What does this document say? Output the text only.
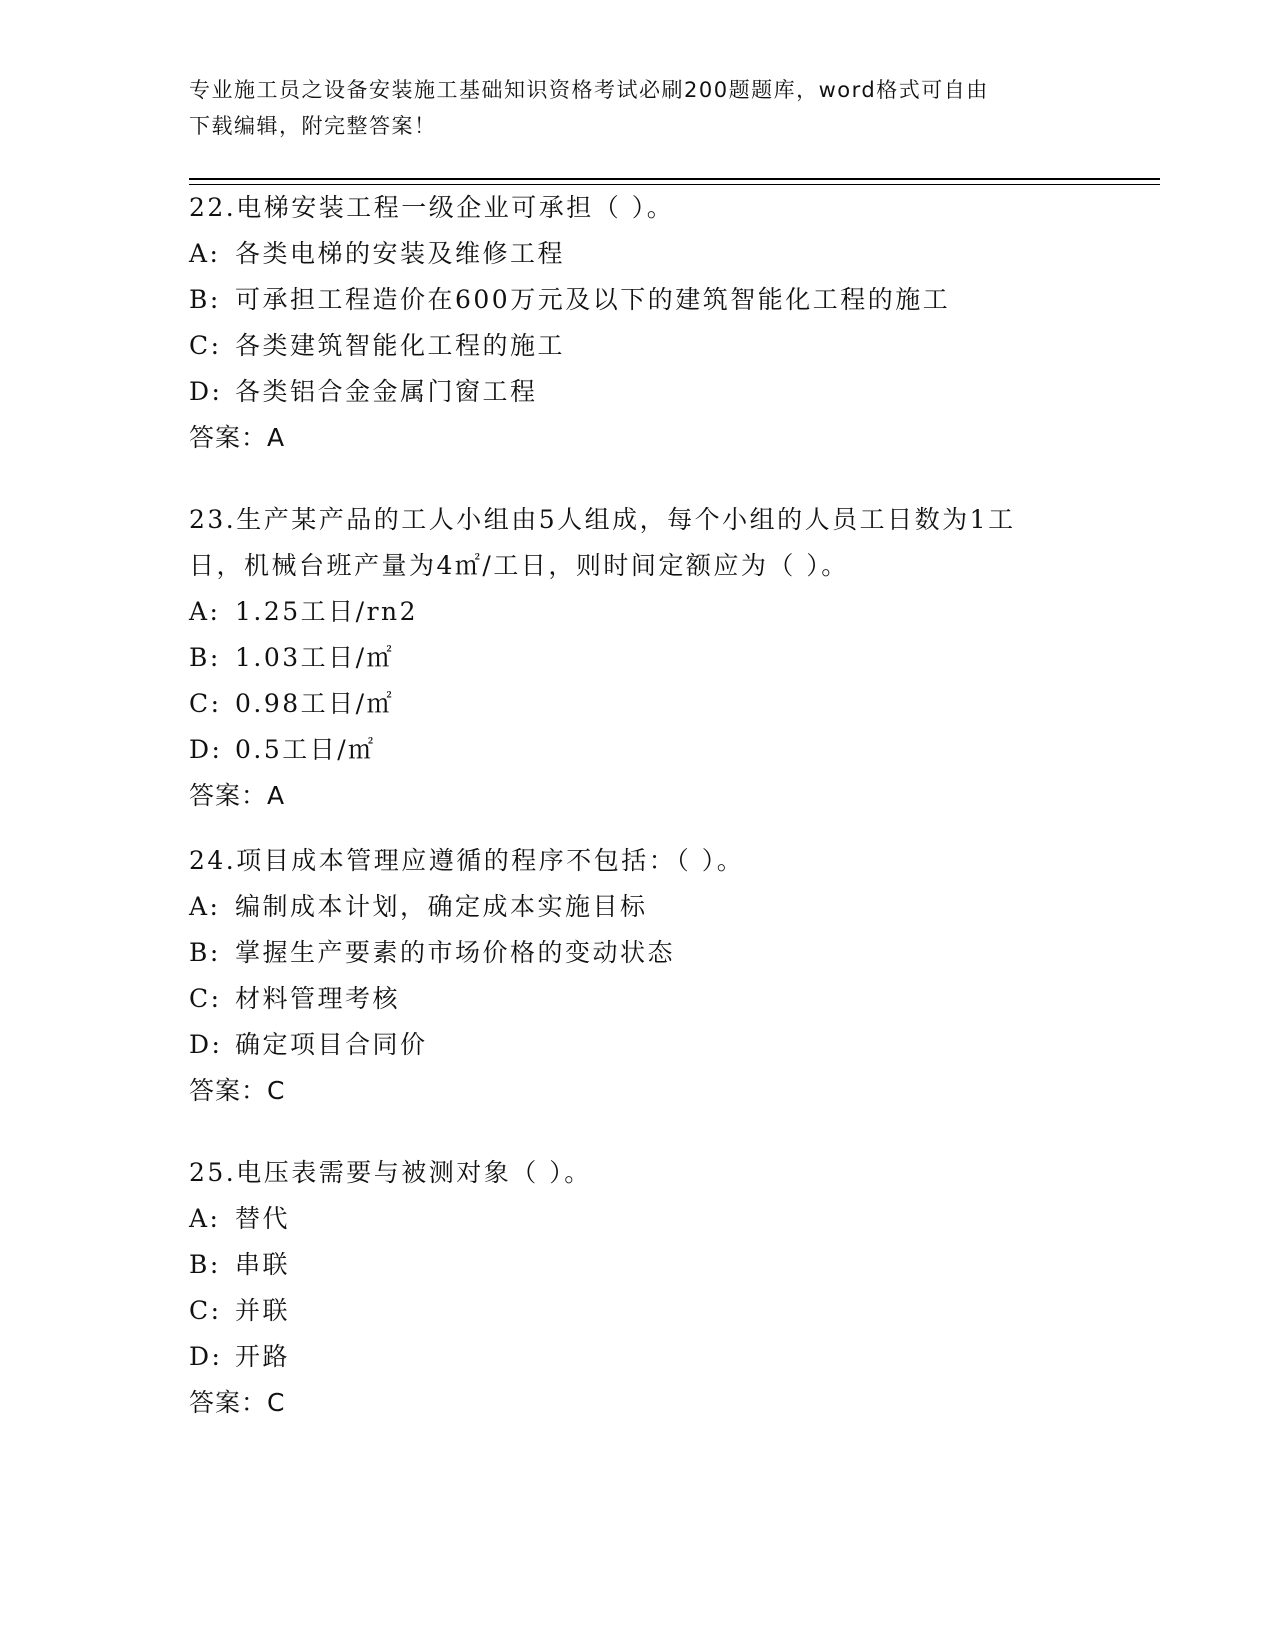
专业施工员之设备安装施工基础知识资格考试必刷200题题库，word格式可自由
下载编辑，附完整答案！
22.电梯安装工程一级企业可承担（ ）。
A: 各类电梯的安装及维修工程
B: 可承担工程造价在600万元及以下的建筑智能化工程的施工
C: 各类建筑智能化工程的施工
D: 各类铝合金金属门窗工程
答案：A
23.生产某产品的工人小组由5人组成，每个小组的人员工日数为1工
日，机械台班产量为4㎡/工日，则时间定额应为（ ）。
A: 1.25工日/rn2
B: 1.03工日/㎡
C: 0.98工日/㎡
D: 0.5工日/㎡
答案：A
24.项目成本管理应遵循的程序不包括：（ ）。
A: 编制成本计划，确定成本实施目标
B: 掌握生产要素的市场价格的变动状态
C: 材料管理考核
D: 确定项目合同价
答案：C
25.电压表需要与被测对象（ ）。
A: 替代
B: 串联
C: 并联
D: 开路
答案：C
